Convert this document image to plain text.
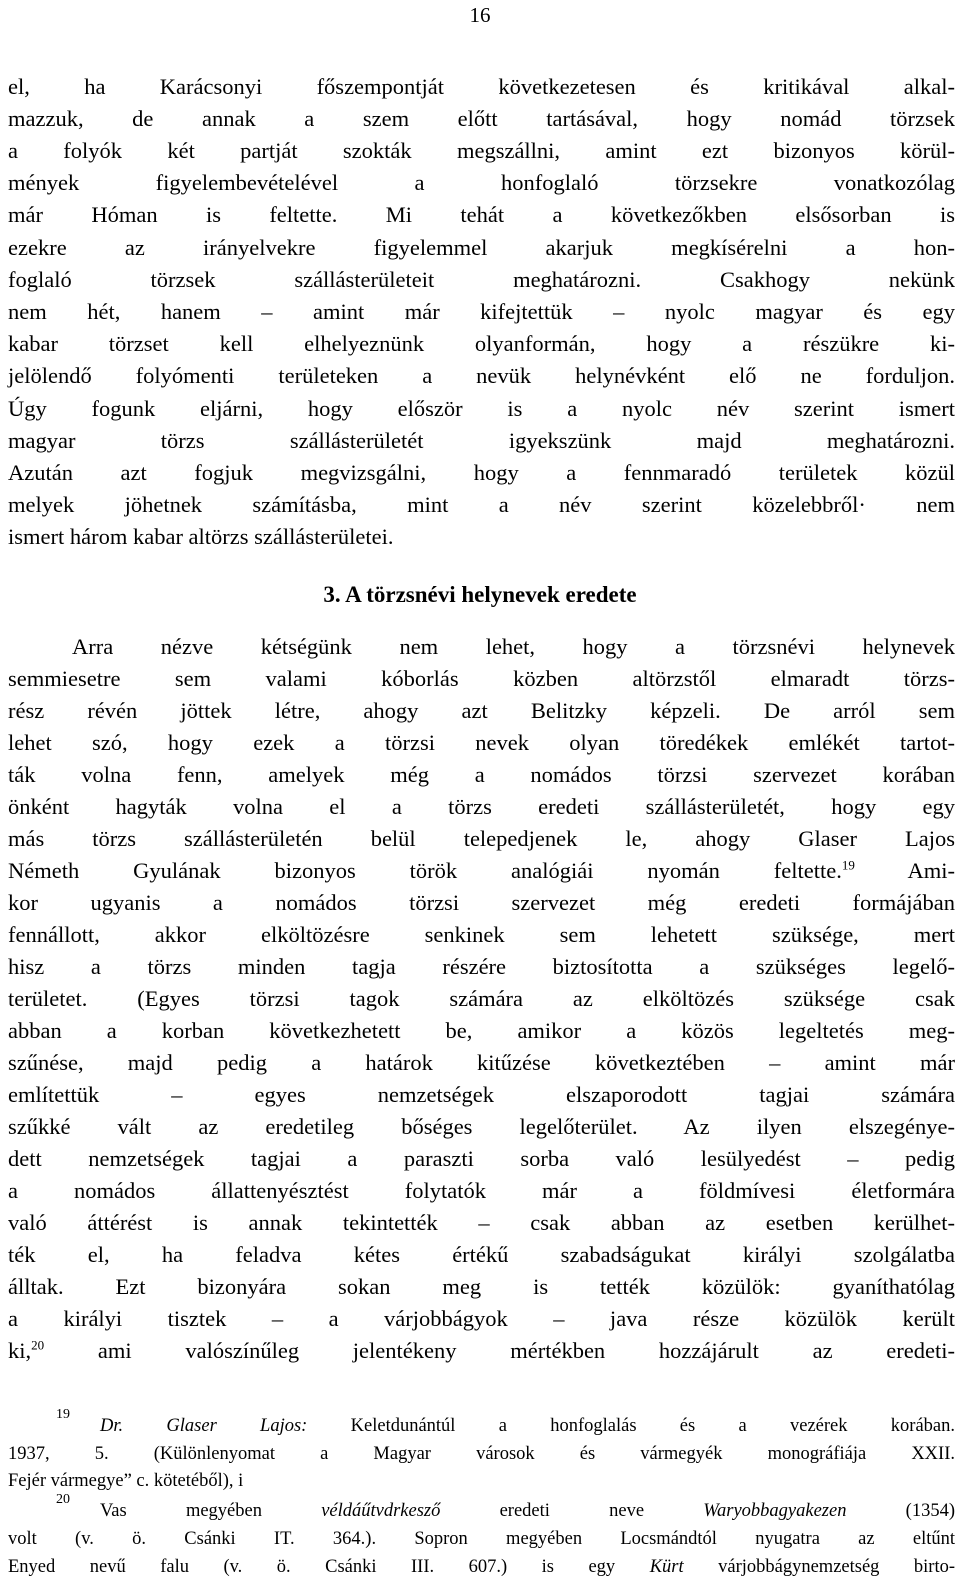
16
el, ha Karácsonyi főszempontját következetesen és kritikával alkal-
mazzuk, de annak a szem előtt tartásával, hogy nomád törzsek
a folyók két partját szokták megszállni, amint ezt bizonyos körül-
mények figyelembevételével a honfoglaló törzsekre vonatkozólag
már Hóman is feltette. Mi tehát a következőkben elsősorban is
ezekre az irányelvekre figyelemmel akarjuk megkísérelni a hon-
foglaló törzsek szállásterületeit meghatározni. Csakhogy nekünk
nem hét, hanem – amint már kifejtettük – nyolc magyar és egy
kabar törzset kell elhelyeznünk olyanformán, hogy a részükre ki-
jelölendő folyómenti területeken a nevük helynévként elő ne forduljon.
Úgy fogunk eljárni, hogy először is a nyolc név szerint ismert
magyar törzs szállásterületét igyekszünk majd meghatározni.
Azután azt fogjuk megvizsgálni, hogy a fennmaradó területek közül
melyek jöhetnek számításba, mint a név szerint közelebbről· nem
ismert három kabar altörzs szállásterületei.
3. A törzsnévi helynevek eredete
Arra nézve kétségünk nem lehet, hogy a törzsnévi helynevek
semmiesetre sem valami kóborlás közben altörzstől elmaradt törzs-
rész révén jöttek létre, ahogy azt Belitzky képzeli. De arról sem
lehet szó, hogy ezek a törzsi nevek olyan töredékek emlékét tartot-
ták volna fenn, amelyek még a nomádos törzsi szervezet korában
önként hagyták volna el a törzs eredeti szállásterületét, hogy egy
más törzs szállásterületén belül telepedjenek le, ahogy Glaser Lajos
Németh Gyulának bizonyos török analógiái nyomán feltette.$^{19}$ Ami-
kor ugyanis a nomádos törzsi szervezet még eredeti formájában
fennállott, akkor elköltözésre senkinek sem lehetett szüksége, mert
hisz a törzs minden tagja részére biztosította a szükséges legelő-
területet. (Egyes törzsi tagok számára az elköltözés szüksége csak
abban a korban következhetett be, amikor a közös legeltetés meg-
szűnése, majd pedig a határok kitűzése következtében – amint már
említettük – egyes nemzetségek elszaporodott tagjai számára
szűkké vált az eredetileg bőséges legelőterület. Az ilyen elszegénye-
dett nemzetségek tagjai a paraszti sorba való lesülyedést – pedig
a nomádos állattenyésztést folytatók már a földmívesi életformára
való áttérést is annak tekintették – csak abban az esetben kerülhet-
ték el, ha feladva kétes értékű szabadságukat királyi szolgálatba
álltak. Ezt bizonyára sokan meg is tették közülök: gyaníthatólag
a királyi tisztek – a várjobbágyok – java része közülök került
ki,$^{20}$ ami valószínűleg jelentékeny mértékben hozzájárult az eredeti-
19
Dr. Glaser Lajos: Keletdunántúl a honfoglalás és a vezérek korában.
1937, 5. (Különlenyomat a Magyar városok és vármegyék monográfiája XXII.
Fejér vármegye” c. kötetéből), i
20
Vas megyében véldáűtvdrkesző eredeti neve Waryobbagyakezen (1354)
volt (v. ö. Csánki IT. 364.). Sopron megyében Locsmándtól nyugatra az eltűnt
Enyed nevű falu (v. ö. Csánki III. 607.) is egy Kürt várjobbágynemzetség birto-
